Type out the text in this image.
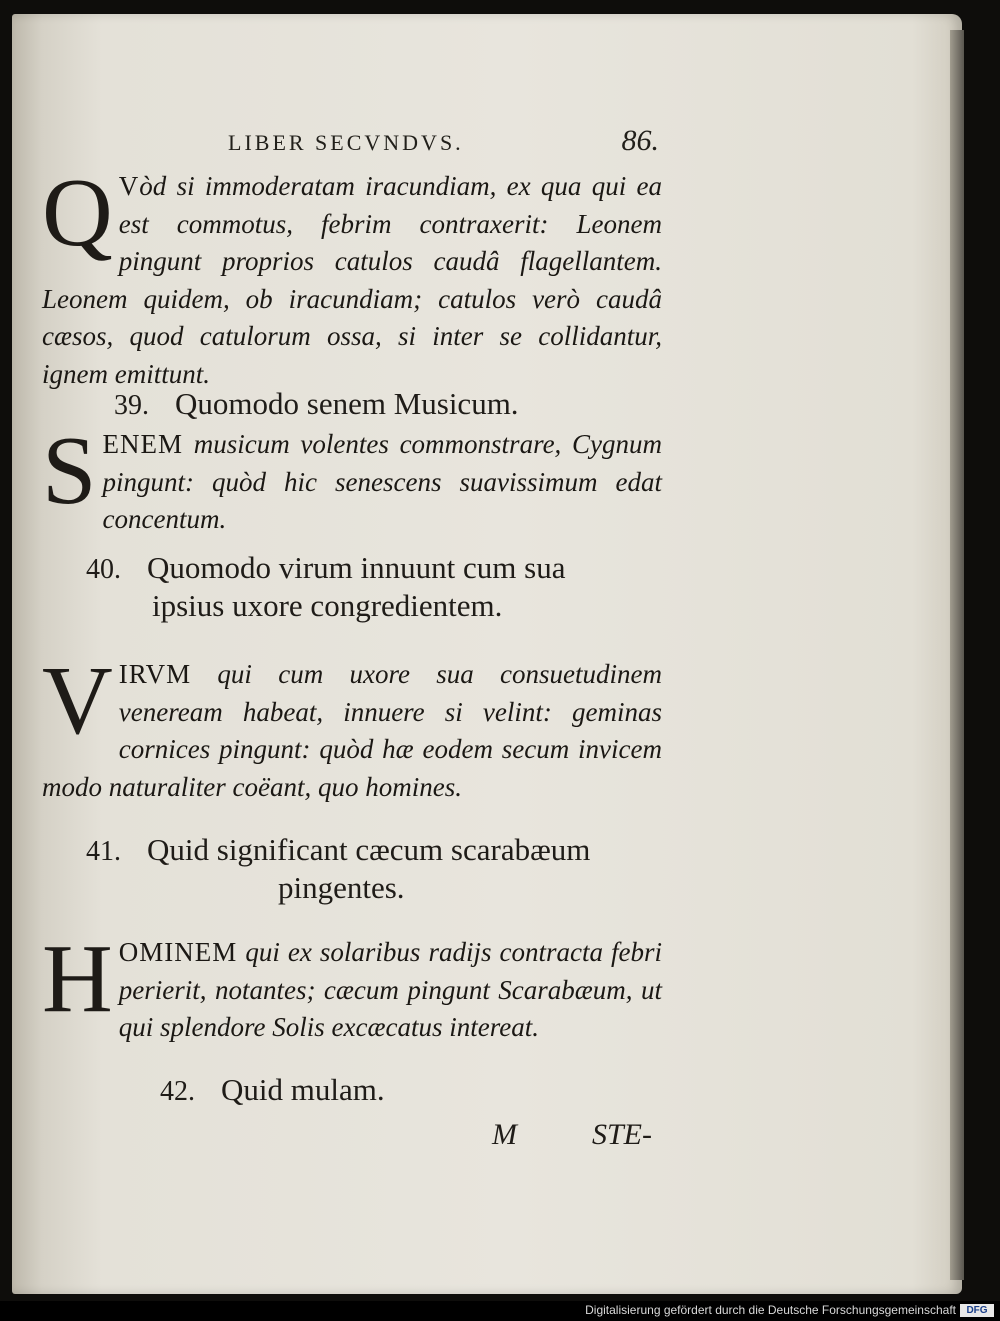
LIBER SECVNDVS.	86.
Q Vòd si immoderatam iracundiam, ex qua qui ea est commotus, febrim contraxerit: Leonem pingunt proprios catulos caudâ flagellantem. Leonem quidem, ob iracundiam; catulos verò caudâ cæsos, quod catulorum ossa, si inter se collidantur, ignem emittunt.
39. Quomodo senem Musicum.
SENEM musicum volentes commonstrare, Cygnum pingunt: quòd hic senescens suavissimum edat concentum.
40. Quomodo virum innuunt cum sua
ipsius uxore congredientem.
VIRVM qui cum uxore sua consuetudinem veneream habeat, innuere si velint: geminas cornices pingunt: quòd hæ eodem secum invicem modo naturaliter coëant, quo homines.
41. Quid significant cæcum scarabæum
pingentes.
HOMINEM qui ex solaribus radijs contracta febri perierit, notantes; cæcum pingunt Scarabæum, ut qui splendore Solis excæcatus intereat.
42. Quid mulam.
M	STE-
Digitalisierung gefördert durch die Deutsche Forschungsgemeinschaft	DFG
